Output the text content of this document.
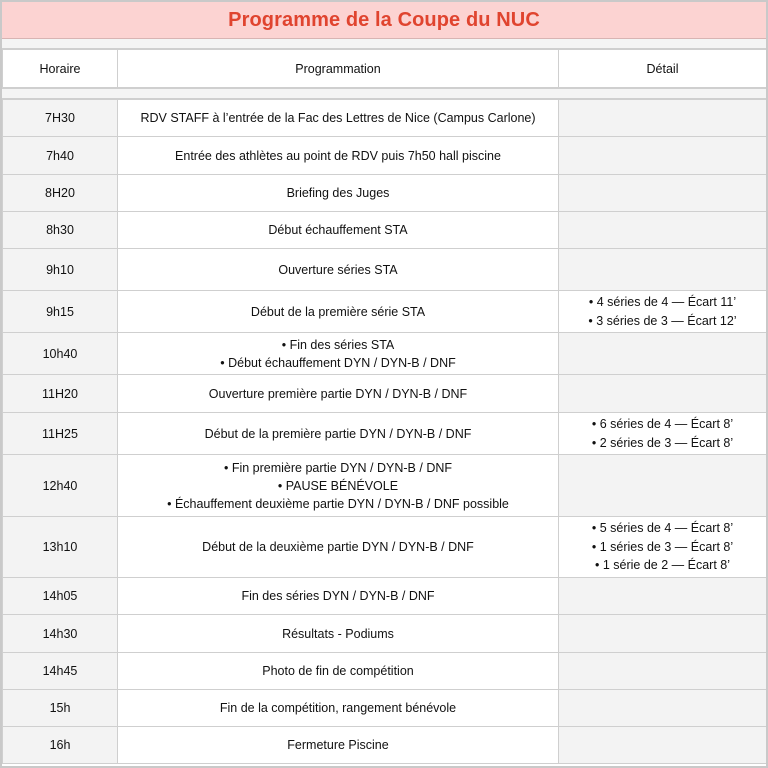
Programme de la Coupe du NUC
Horaire	Programmation	Détail
7H30	RDV STAFF à l’entrée de la Fac des Lettres de Nice (Campus Carlone)	

7h40	Entrée des athlètes au point de RDV puis 7h50 hall piscine	

8H20	Briefing des Juges	

8h30	Début échauffement STA	

9h10	Ouverture séries STA	

9h15	Début de la première série STA	• 4 séries de 4 — Écart 11’
• 3 séries de 3 — Écart 12’

10h40	• Fin des séries STA
• Début échauffement DYN / DYN-B / DNF	

11H20	Ouverture première partie DYN / DYN-B / DNF	

11H25	Début de la première partie DYN / DYN-B / DNF	• 6 séries de 4 — Écart 8’
• 2 séries de 3 — Écart 8’

12h40	• Fin première partie DYN / DYN-B / DNF
• PAUSE BÉNÉVOLE
• Échauffement deuxième partie DYN / DYN-B / DNF possible	

13h10	Début de la deuxième partie DYN / DYN-B / DNF	• 5 séries de 4 — Écart 8’
• 1 séries de 3 — Écart 8’
• 1 série de 2 — Écart 8’

14h05	Fin des séries DYN / DYN-B / DNF	

14h30	Résultats - Podiums	

14h45	Photo de fin de compétition	

15h	Fin de la compétition, rangement bénévole	

16h	Fermeture Piscine	
